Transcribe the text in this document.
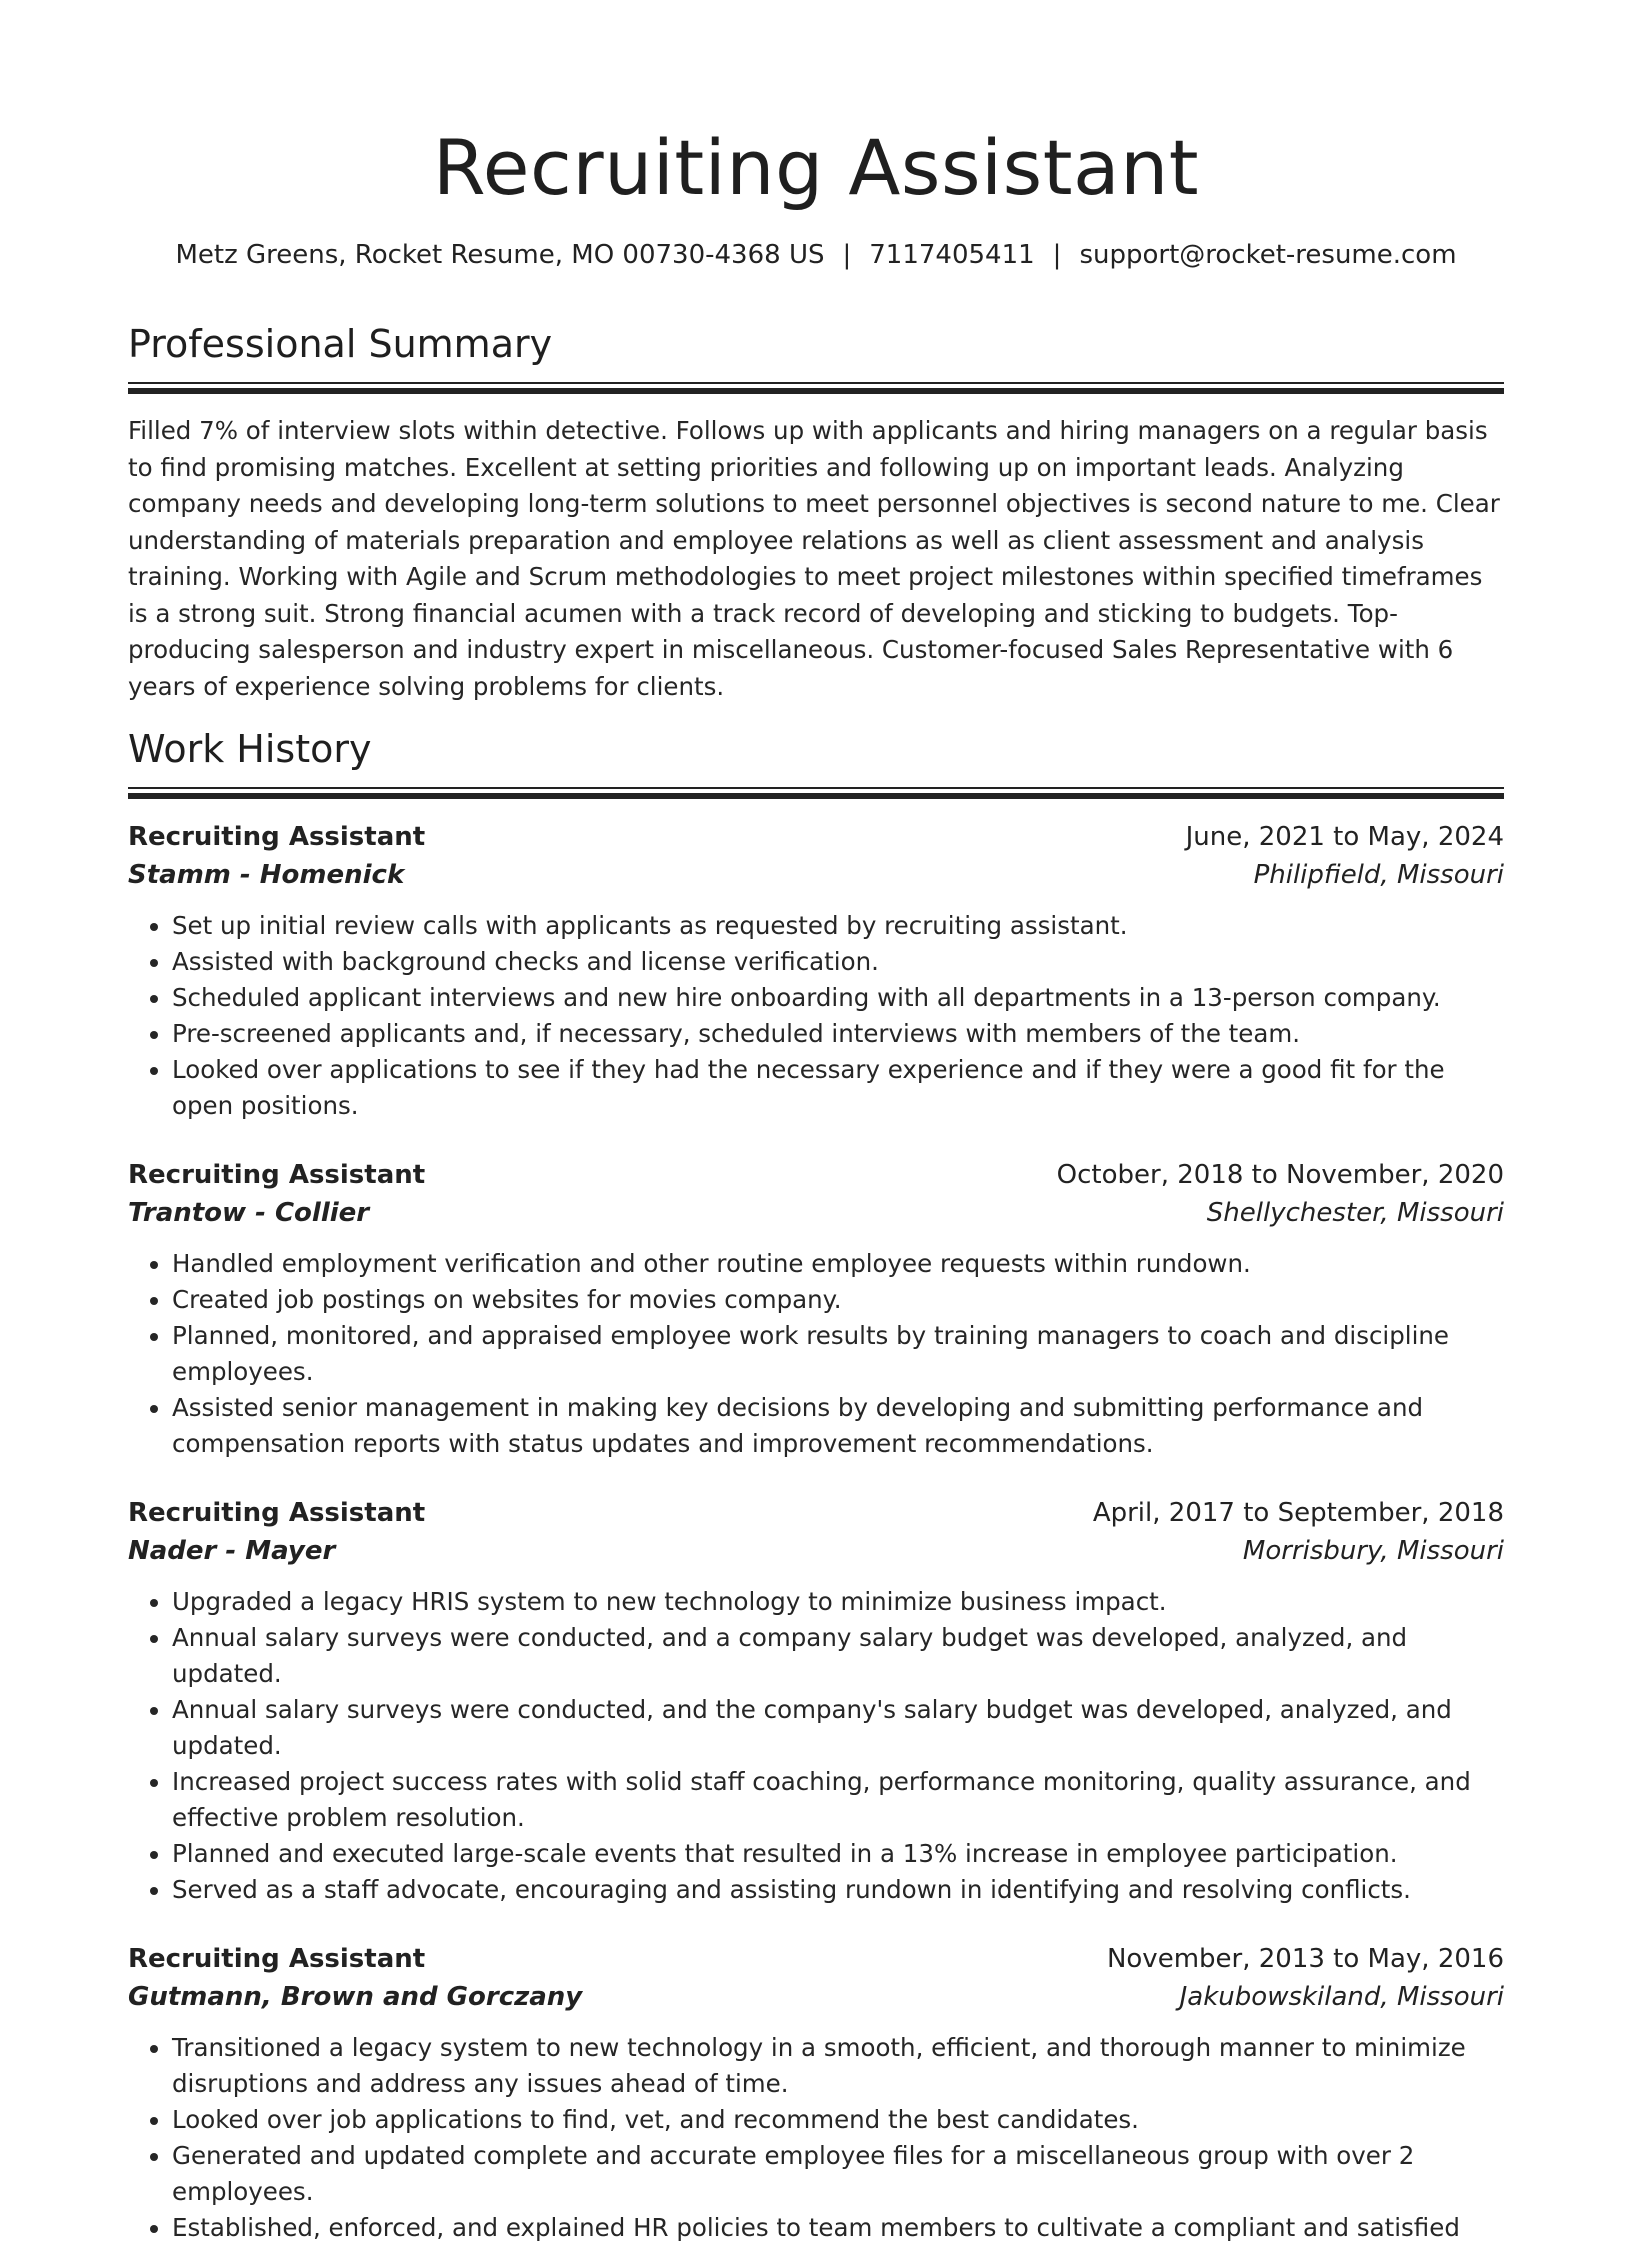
Recruiting Assistant
Metz Greens, Rocket Resume, MO 00730-4368 US | 7117405411 | support@rocket-resume.com
Professional Summary

Filled 7% of interview slots within detective. Follows up with applicants and hiring managers on a regular basis to find promising matches. Excellent at setting priorities and following up on important leads. Analyzing company needs and developing long-term solutions to meet personnel objectives is second nature to me. Clear understanding of materials preparation and employee relations as well as client assessment and analysis training. Working with Agile and Scrum methodologies to meet project milestones within specified timeframes is a strong suit. Strong financial acumen with a track record of developing and sticking to budgets. Top-producing salesperson and industry expert in miscellaneous. Customer-focused Sales Representative with 6 years of experience solving problems for clients.

Work History
Recruiting Assistant	June, 2021 to May, 2024
Stamm - Homenick	Philipfield, Missouri
• Set up initial review calls with applicants as requested by recruiting assistant.
• Assisted with background checks and license verification.
• Scheduled applicant interviews and new hire onboarding with all departments in a 13-person company.
• Pre-screened applicants and, if necessary, scheduled interviews with members of the team.
• Looked over applications to see if they had the necessary experience and if they were a good fit for the open positions.
Recruiting Assistant	October, 2018 to November, 2020
Trantow - Collier	Shellychester, Missouri
• Handled employment verification and other routine employee requests within rundown.
• Created job postings on websites for movies company.
• Planned, monitored, and appraised employee work results by training managers to coach and discipline employees.
• Assisted senior management in making key decisions by developing and submitting performance and compensation reports with status updates and improvement recommendations.
Recruiting Assistant	April, 2017 to September, 2018
Nader - Mayer	Morrisbury, Missouri
• Upgraded a legacy HRIS system to new technology to minimize business impact.
• Annual salary surveys were conducted, and a company salary budget was developed, analyzed, and updated.
• Annual salary surveys were conducted, and the company's salary budget was developed, analyzed, and updated.
• Increased project success rates with solid staff coaching, performance monitoring, quality assurance, and effective problem resolution.
• Planned and executed large-scale events that resulted in a 13% increase in employee participation.
• Served as a staff advocate, encouraging and assisting rundown in identifying and resolving conflicts.
Recruiting Assistant	November, 2013 to May, 2016
Gutmann, Brown and Gorczany	Jakubowskiland, Missouri
• Transitioned a legacy system to new technology in a smooth, efficient, and thorough manner to minimize disruptions and address any issues ahead of time.
• Looked over job applications to find, vet, and recommend the best candidates.
• Generated and updated complete and accurate employee files for a miscellaneous group with over 2 employees.
• Established, enforced, and explained HR policies to team members to cultivate a compliant and satisfied
